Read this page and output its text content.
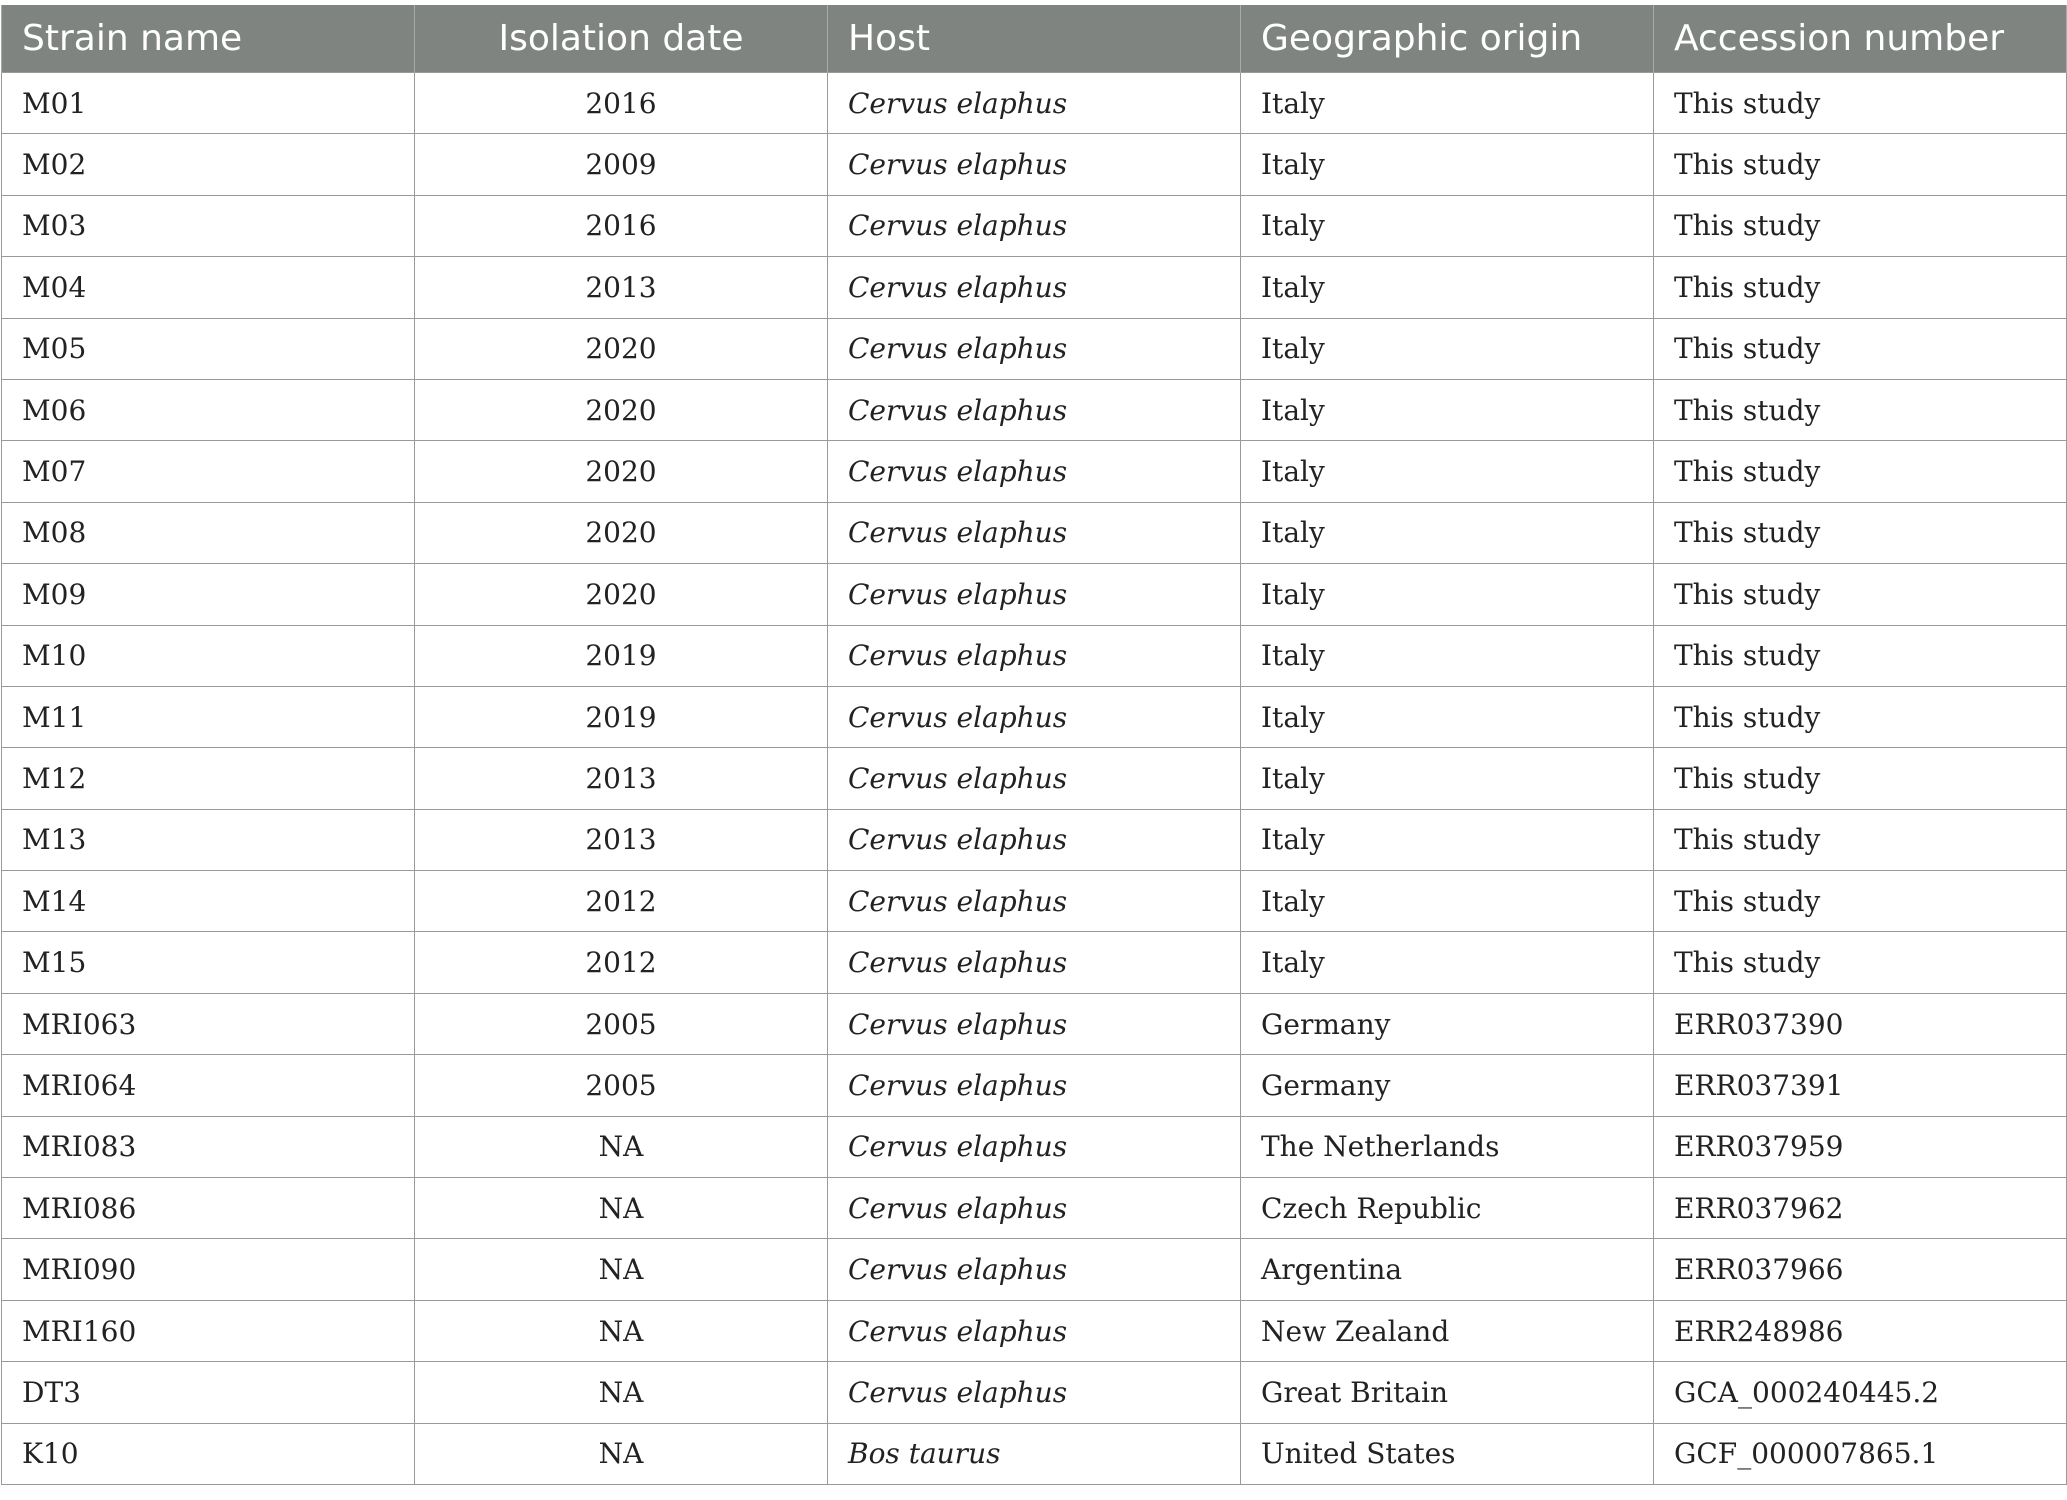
Strain name	Isolation date	Host	Geographic origin	Accession number
M01	2016	Cervus elaphus	Italy	This study
M02	2009	Cervus elaphus	Italy	This study
M03	2016	Cervus elaphus	Italy	This study
M04	2013	Cervus elaphus	Italy	This study
M05	2020	Cervus elaphus	Italy	This study
M06	2020	Cervus elaphus	Italy	This study
M07	2020	Cervus elaphus	Italy	This study
M08	2020	Cervus elaphus	Italy	This study
M09	2020	Cervus elaphus	Italy	This study
M10	2019	Cervus elaphus	Italy	This study
M11	2019	Cervus elaphus	Italy	This study
M12	2013	Cervus elaphus	Italy	This study
M13	2013	Cervus elaphus	Italy	This study
M14	2012	Cervus elaphus	Italy	This study
M15	2012	Cervus elaphus	Italy	This study
MRI063	2005	Cervus elaphus	Germany	ERR037390
MRI064	2005	Cervus elaphus	Germany	ERR037391
MRI083	NA	Cervus elaphus	The Netherlands	ERR037959
MRI086	NA	Cervus elaphus	Czech Republic	ERR037962
MRI090	NA	Cervus elaphus	Argentina	ERR037966
MRI160	NA	Cervus elaphus	New Zealand	ERR248986
DT3	NA	Cervus elaphus	Great Britain	GCA_000240445.2
K10	NA	Bos taurus	United States	GCF_000007865.1
